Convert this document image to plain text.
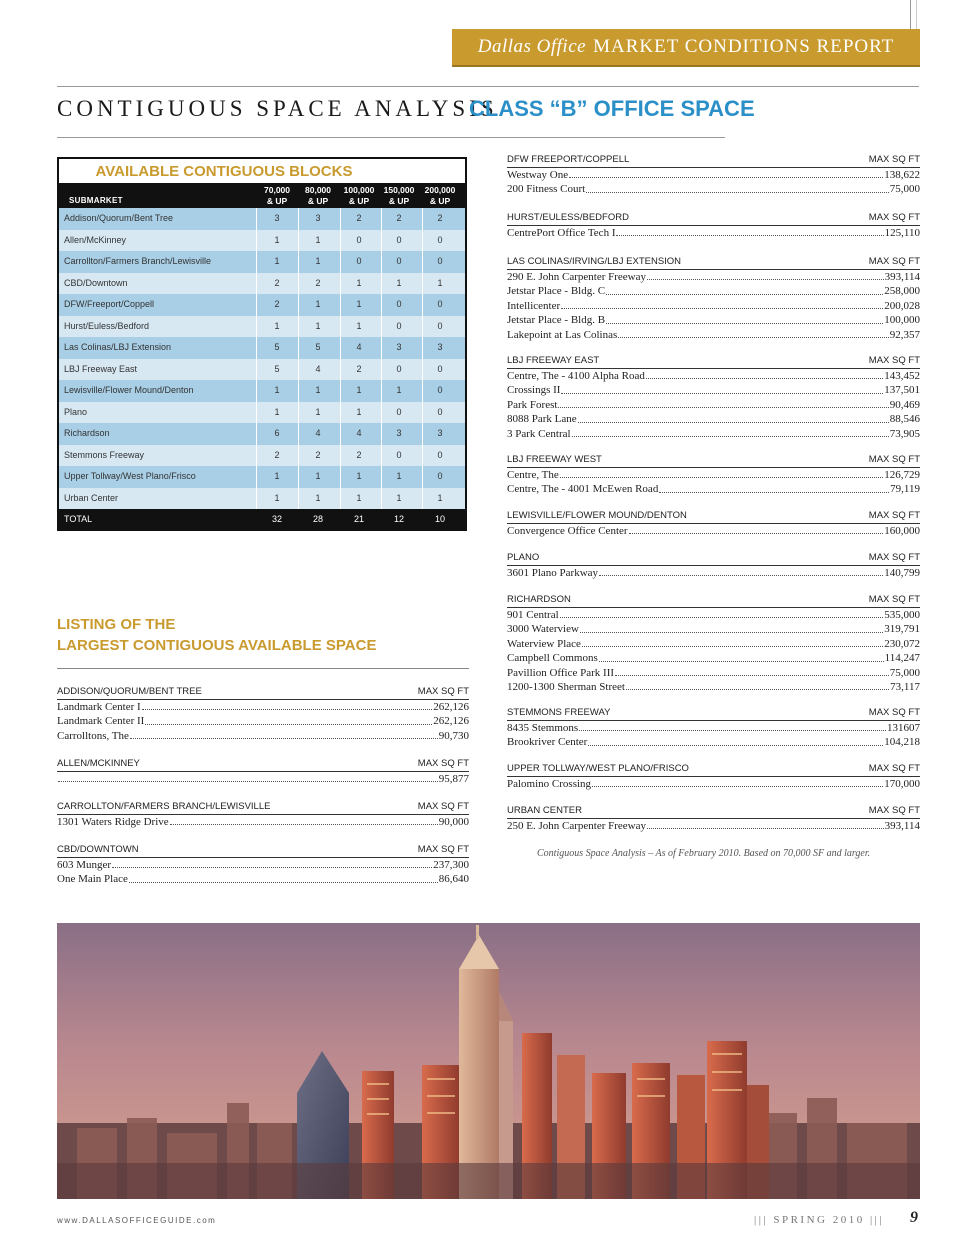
Dallas Office MARKET CONDITIONS REPORT
CONTIGUOUS SPACE ANALYSIS
CLASS “B” OFFICE SPACE
AVAILABLE CONTIGUOUS BLOCKS
SUBMARKET
70,000
& UP
80,000
& UP
100,000
& UP
150,000
& UP
200,000
& UP
Addison/Quorum/Bent Tree	3	3	2	2	2
Allen/McKinney	1	1	0	0	0
Carrollton/Farmers Branch/Lewisville	1	1	0	0	0
CBD/Downtown	2	2	1	1	1
DFW/Freeport/Coppell	2	1	1	0	0
Hurst/Euless/Bedford	1	1	1	0	0
Las Colinas/LBJ Extension	5	5	4	3	3
LBJ Freeway East	5	4	2	0	0
Lewisville/Flower Mound/Denton	1	1	1	1	0
Plano	1	1	1	0	0
Richardson	6	4	4	3	3
Stemmons Freeway	2	2	2	0	0
Upper Tollway/West Plano/Frisco	1	1	1	1	0
Urban Center	1	1	1	1	1
TOTAL	32	28	21	12	10
LISTING OF THE
LARGEST CONTIGUOUS AVAILABLE SPACE
ADDISON/QUORUM/BENT TREE	MAX SQ FT
Landmark Center I	262,126
Landmark Center II	262,126
Carrolltons, The	90,730
ALLEN/MCKINNEY	MAX SQ FT
95,877
CARROLLTON/FARMERS BRANCH/LEWISVILLE	MAX SQ FT
1301 Waters Ridge Drive	90,000
CBD/DOWNTOWN	MAX SQ FT
603 Munger	237,300
One Main Place	86,640
DFW FREEPORT/COPPELL	MAX SQ FT
Westway One	138,622
200 Fitness Court	75,000
HURST/EULESS/BEDFORD	MAX SQ FT
CentrePort Office Tech I	125,110
LAS COLINAS/IRVING/LBJ EXTENSION	MAX SQ FT
290 E. John Carpenter Freeway	393,114
Jetstar Place - Bldg. C	258,000
Intellicenter	200,028
Jetstar Place - Bldg. B	100,000
Lakepoint at Las Colinas	92,357
LBJ FREEWAY EAST	MAX SQ FT
Centre, The - 4100 Alpha Road	143,452
Crossings II	137,501
Park Forest	90,469
8088 Park Lane	88,546
3 Park Central	73,905
LBJ FREEWAY WEST	MAX SQ FT
Centre, The	126,729
Centre, The - 4001 McEwen Road	79,119
LEWISVILLE/FLOWER MOUND/DENTON	MAX SQ FT
Convergence Office Center	160,000
PLANO	MAX SQ FT
3601 Plano Parkway	140,799
RICHARDSON	MAX SQ FT
901 Central	535,000
3000 Waterview	319,791
Waterview Place	230,072
Campbell Commons	114,247
Pavillion Office Park III	75,000
1200-1300 Sherman Street	73,117
STEMMONS FREEWAY	MAX SQ FT
8435 Stemmons	131607
Brookriver Center	104,218
UPPER TOLLWAY/WEST PLANO/FRISCO	MAX SQ FT
Palomino Crossing	170,000
URBAN CENTER	MAX SQ FT
250 E. John Carpenter Freeway	393,114
Contiguous Space Analysis – As of February 2010. Based on 70,000 SF and larger.
www.DALLASOFFICEGUIDE.com	||| SPRING 2010 ||| 9
